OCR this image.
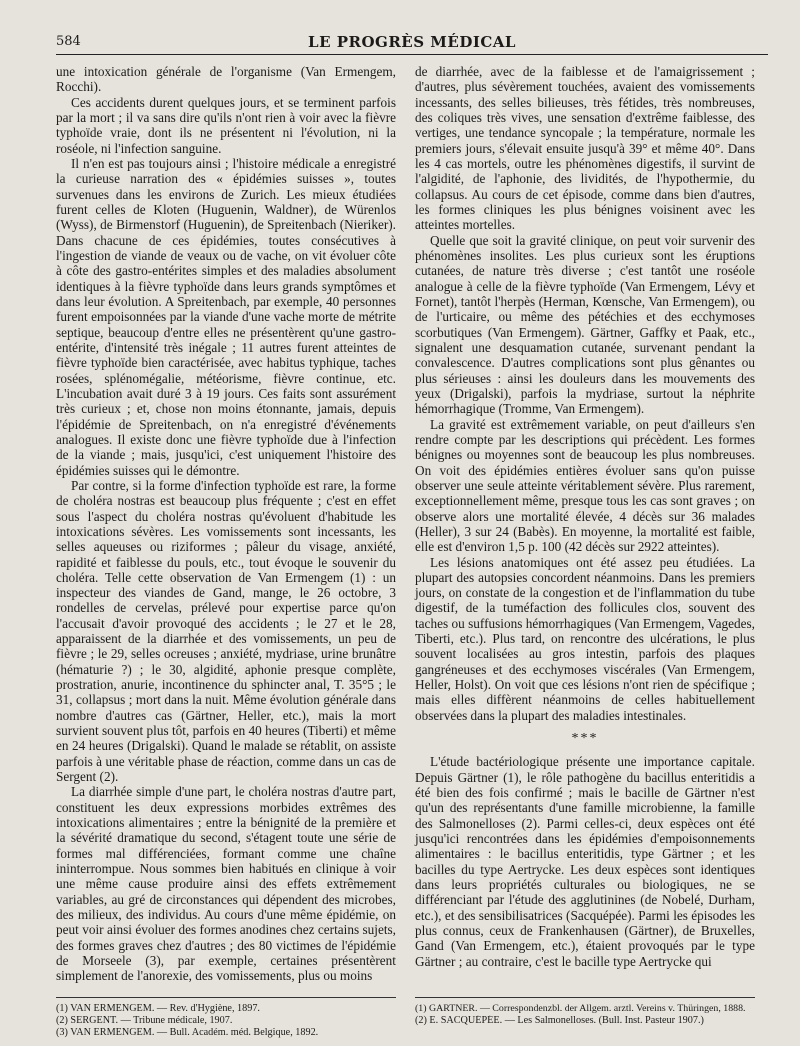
584	LE PROGRÈS MÉDICAL

une intoxication générale de l'organisme (Van Ermengem, Rocchi).

Ces accidents durent quelques jours, et se terminent parfois par la mort ; il va sans dire qu'ils n'ont rien à voir avec la fièvre typhoïde vraie, dont ils ne présentent ni l'évolution, ni la roséole, ni l'infection sanguine.

Il n'en est pas toujours ainsi ; l'histoire médicale a enregistré la curieuse narration des « épidémies suisses », toutes survenues dans les environs de Zurich. Les mieux étudiées furent celles de Kloten (Huguenin, Waldner), de Würenlos (Wyss), de Birmenstorf (Huguenin), de Spreitenbach (Nieriker). Dans chacune de ces épidémies, toutes consécutives à l'ingestion de viande de veaux ou de vache, on vit évoluer côte à côte des gastro-entérites simples et des maladies absolument identiques à la fièvre typhoïde dans leurs grands symptômes et dans leur évolution. A Spreitenbach, par exemple, 40 personnes furent empoisonnées par la viande d'une vache morte de métrite septique, beaucoup d'entre elles ne présentèrent qu'une gastro-entérite, d'intensité très inégale ; 11 autres furent atteintes de fièvre typhoïde bien caractérisée, avec habitus typhique, taches rosées, splénomégalie, météorisme, fièvre continue, etc. L'incubation avait duré 3 à 19 jours. Ces faits sont assurément très curieux ; et, chose non moins étonnante, jamais, depuis l'épidémie de Spreitenbach, on n'a enregistré d'événements analogues. Il existe donc une fièvre typhoïde due à l'infection de la viande ; mais, jusqu'ici, c'est uniquement l'histoire des épidémies suisses qui le démontre.

Par contre, si la forme d'infection typhoïde est rare, la forme de choléra nostras est beaucoup plus fréquente ; c'est en effet sous l'aspect du choléra nostras qu'évoluent d'habitude les intoxications sévères. Les vomissements sont incessants, les selles aqueuses ou riziformes ; pâleur du visage, anxiété, rapidité et faiblesse du pouls, etc., tout évoque le souvenir du choléra. Telle cette observation de Van Ermengem (1) : un inspecteur des viandes de Gand, mange, le 26 octobre, 3 rondelles de cervelas, prélevé pour expertise parce qu'on l'accusait d'avoir provoqué des accidents ; le 27 et le 28, apparaissent de la diarrhée et des vomissements, un peu de fièvre ; le 29, selles ocreuses ; anxiété, mydriase, urine brunâtre (hématurie ?) ; le 30, algidité, aphonie presque complète, prostration, anurie, incontinence du sphincter anal, T. 35°5 ; le 31, collapsus ; mort dans la nuit. Même évolution générale dans nombre d'autres cas (Gärtner, Heller, etc.), mais la mort survient souvent plus tôt, parfois en 40 heures (Tiberti) et même en 24 heures (Drigalski). Quand le malade se rétablit, on assiste parfois à une véritable phase de réaction, comme dans un cas de Sergent (2).

La diarrhée simple d'une part, le choléra nostras d'autre part, constituent les deux expressions morbides extrêmes des intoxications alimentaires ; entre la bénignité de la première et la sévérité dramatique du second, s'étagent toute une série de formes mal différenciées, formant comme une chaîne ininterrompue. Nous sommes bien habitués en clinique à voir une même cause produire ainsi des effets extrêmement variables, au gré de circonstances qui dépendent des microbes, des milieux, des individus. Au cours d'une même épidémie, on peut voir ainsi évoluer des formes anodines chez certains sujets, des formes graves chez d'autres ; des 80 victimes de l'épidémie de Morseele (3), par exemple, certaines présentèrent simplement de l'anorexie, des vomissements, plus ou moins

de diarrhée, avec de la faiblesse et de l'amaigrissement ; d'autres, plus sévèrement touchées, avaient des vomissements incessants, des selles bilieuses, très fétides, très nombreuses, des coliques très vives, une sensation d'extrême faiblesse, des vertiges, une tendance syncopale ; la température, normale les premiers jours, s'élevait ensuite jusqu'à 39° et même 40°. Dans les 4 cas mortels, outre les phénomènes digestifs, il survint de l'algidité, de l'aphonie, des lividités, de l'hypothermie, du collapsus. Au cours de cet épisode, comme dans bien d'autres, les formes cliniques les plus bénignes voisinent avec les atteintes mortelles.

Quelle que soit la gravité clinique, on peut voir survenir des phénomènes insolites. Les plus curieux sont les éruptions cutanées, de nature très diverse ; c'est tantôt une roséole analogue à celle de la fièvre typhoïde (Van Ermengem, Lévy et Fornet), tantôt l'herpès (Herman, Kœnsche, Van Ermengem), ou de l'urticaire, ou même des pétéchies et des ecchymoses scorbutiques (Van Ermengem). Gärtner, Gaffky et Paak, etc., signalent une desquamation cutanée, survenant pendant la convalescence. D'autres complications sont plus gênantes ou plus sérieuses : ainsi les douleurs dans les mouvements des yeux (Drigalski), parfois la mydriase, surtout la néphrite hémorrhagique (Tromme, Van Ermengem).

La gravité est extrêmement variable, on peut d'ailleurs s'en rendre compte par les descriptions qui précèdent. Les formes bénignes ou moyennes sont de beaucoup les plus nombreuses. On voit des épidémies entières évoluer sans qu'on puisse observer une seule atteinte véritablement sévère. Plus rarement, exceptionnellement même, presque tous les cas sont graves ; on observe alors une mortalité élevée, 4 décès sur 36 malades (Heller), 3 sur 24 (Babès). En moyenne, la mortalité est faible, elle est d'environ 1,5 p. 100 (42 décès sur 2922 atteintes).

Les lésions anatomiques ont été assez peu étudiées. La plupart des autopsies concordent néanmoins. Dans les premiers jours, on constate de la congestion et de l'inflammation du tube digestif, de la tuméfaction des follicules clos, souvent des taches ou suffusions hémorrhagiques (Van Ermengem, Vagedes, Tiberti, etc.). Plus tard, on rencontre des ulcérations, le plus souvent localisées au gros intestin, parfois des plaques gangréneuses et des ecchymoses viscérales (Van Ermengem, Heller, Holst). On voit que ces lésions n'ont rien de spécifique ; mais elles diffèrent néanmoins de celles habituellement observées dans la plupart des maladies intestinales.

***

L'étude bactériologique présente une importance capitale. Depuis Gärtner (1), le rôle pathogène du bacillus enteritidis a été bien des fois confirmé ; mais le bacille de Gärtner n'est qu'un des représentants d'une famille microbienne, la famille des Salmonelloses (2). Parmi celles-ci, deux espèces ont été jusqu'ici rencontrées dans les épidémies d'empoisonnements alimentaires : le bacillus enteritidis, type Gärtner ; et les bacilles du type Aertrycke. Les deux espèces sont identiques dans leurs propriétés culturales ou biologiques, ne se différenciant par l'étude des agglutinines (de Nobelé, Durham, etc.), et des sensibilisatrices (Sacquépée). Parmi les épisodes les plus connus, ceux de Frankenhausen (Gärtner), de Bruxelles, Gand (Van Ermengem, etc.), étaient provoqués par le type Gärtner ; au contraire, c'est le bacille type Aertrycke qui

(1) VAN ERMENGEM. — Rev. d'Hygiène, 1897.
(2) SERGENT. — Tribune médicale, 1907.
(3) VAN ERMENGEM. — Bull. Académ. méd. Belgique, 1892.
(1) GARTNER. — Correspondenzbl. der Allgem. arztl. Vereins v. Thüringen, 1888.
(2) E. SACQUÉPÉE. — Les Salmonelloses. (Bull. Inst. Pasteur 1907.)
